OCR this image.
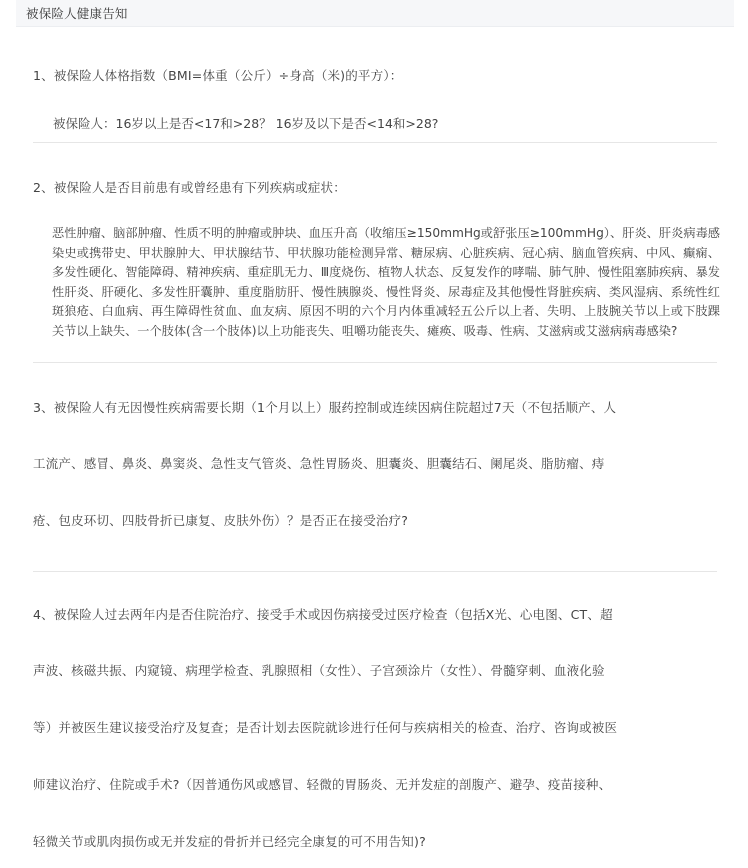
被保险人健康告知
1、被保险人体格指数（BMI=体重（公斤）÷身高（米)的平方）：
被保险人：16岁以上是否<17和>28？ 16岁及以下是否<14和>28?
2、被保险人是否目前患有或曾经患有下列疾病或症状：
恶性肿瘤、脑部肿瘤、性质不明的肿瘤或肿块、血压升高（收缩压≥150mmHg或舒张压≥100mmHg）、肝炎、肝炎病毒感染史或携带史、甲状腺肿大、甲状腺结节、甲状腺功能检测异常、糖尿病、心脏疾病、冠心病、脑血管疾病、中风、癫痫、多发性硬化、智能障碍、精神疾病、重症肌无力、Ⅲ度烧伤、植物人状态、反复发作的哮喘、肺气肿、慢性阻塞肺疾病、暴发性肝炎、肝硬化、多发性肝囊肿、重度脂肪肝、慢性胰腺炎、慢性肾炎、尿毒症及其他慢性肾脏疾病、类风湿病、系统性红斑狼疮、白血病、再生障碍性贫血、血友病、原因不明的六个月内体重减轻五公斤以上者、失明、上肢腕关节以上或下肢踝关节以上缺失、一个肢体(含一个肢体)以上功能丧失、咀嚼功能丧失、瘫痪、吸毒、性病、艾滋病或艾滋病病毒感染?
3、被保险人有无因慢性疾病需要长期（1个月以上）服药控制或连续因病住院超过7天（不包括顺产、人
工流产、感冒、鼻炎、鼻窦炎、急性支气管炎、急性胃肠炎、胆囊炎、胆囊结石、阑尾炎、脂肪瘤、痔
疮、包皮环切、四肢骨折已康复、皮肤外伤）？是否正在接受治疗?
4、被保险人过去两年内是否住院治疗、接受手术或因伤病接受过医疗检查（包括X光、心电图、CT、超
声波、核磁共振、内窥镜、病理学检查、乳腺照相（女性）、子宫颈涂片（女性）、骨髓穿刺、血液化验
等）并被医生建议接受治疗及复查；是否计划去医院就诊进行任何与疾病相关的检查、治疗、咨询或被医
师建议治疗、住院或手术?（因普通伤风或感冒、轻微的胃肠炎、无并发症的剖腹产、避孕、疫苗接种、
轻微关节或肌肉损伤或无并发症的骨折并已经完全康复的可不用告知)?
